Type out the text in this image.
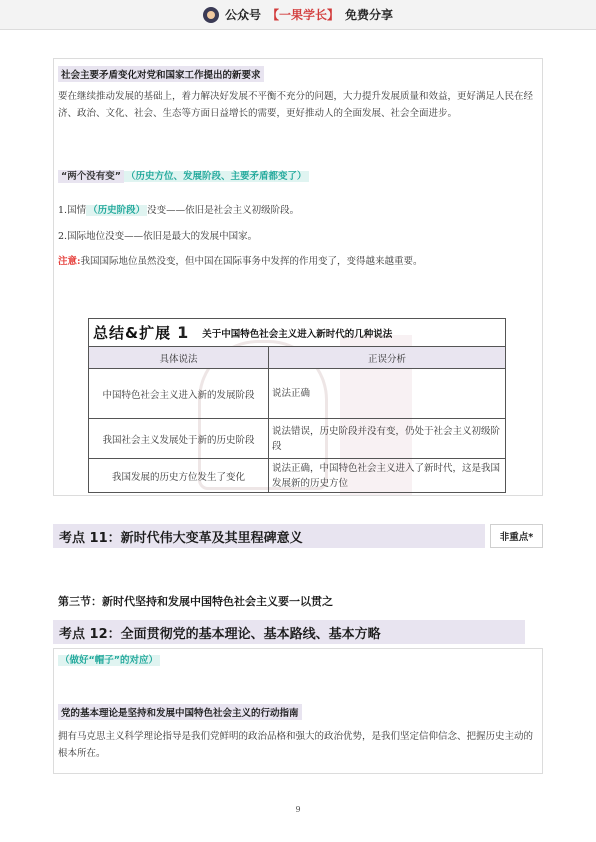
公众号 【一果学长】 免费分享
社会主要矛盾变化对党和国家工作提出的新要求
要在继续推动发展的基础上，着力解决好发展不平衡不充分的问题，大力提升发展质量和效益，更好满足人民在经济、政治、文化、社会、生态等方面日益增长的需要，更好推动人的全面发展、社会全面进步。
“两个没有变” （历史方位、发展阶段、主要矛盾都变了）
1.国情 （历史阶段） 没变——依旧是社会主义初级阶段。
2.国际地位没变——依旧是最大的发展中国家。
注意:我国国际地位虽然没变，但中国在国际事务中发挥的作用变了，变得越来越重要。
总结&扩展 1 关于中国特色社会主义进入新时代的几种说法
具体说法	正误分析
中国特色社会主义进入新的发展阶段	说法正确
我国社会主义发展处于新的历史阶段	说法错误，历史阶段并没有变，仍处于社会主义初级阶段
我国发展的历史方位发生了变化	说法正确，中国特色社会主义进入了新时代，这是我国发展新的历史方位
考点 11：新时代伟大变革及其里程碑意义	非重点*
第三节：新时代坚持和发展中国特色社会主义要一以贯之
考点 12：全面贯彻党的基本理论、基本路线、基本方略
（做好“帽子”的对应）
党的基本理论是坚持和发展中国特色社会主义的行动指南
拥有马克思主义科学理论指导是我们党鲜明的政治品格和强大的政治优势，是我们坚定信仰信念、把握历史主动的根本所在。
9
